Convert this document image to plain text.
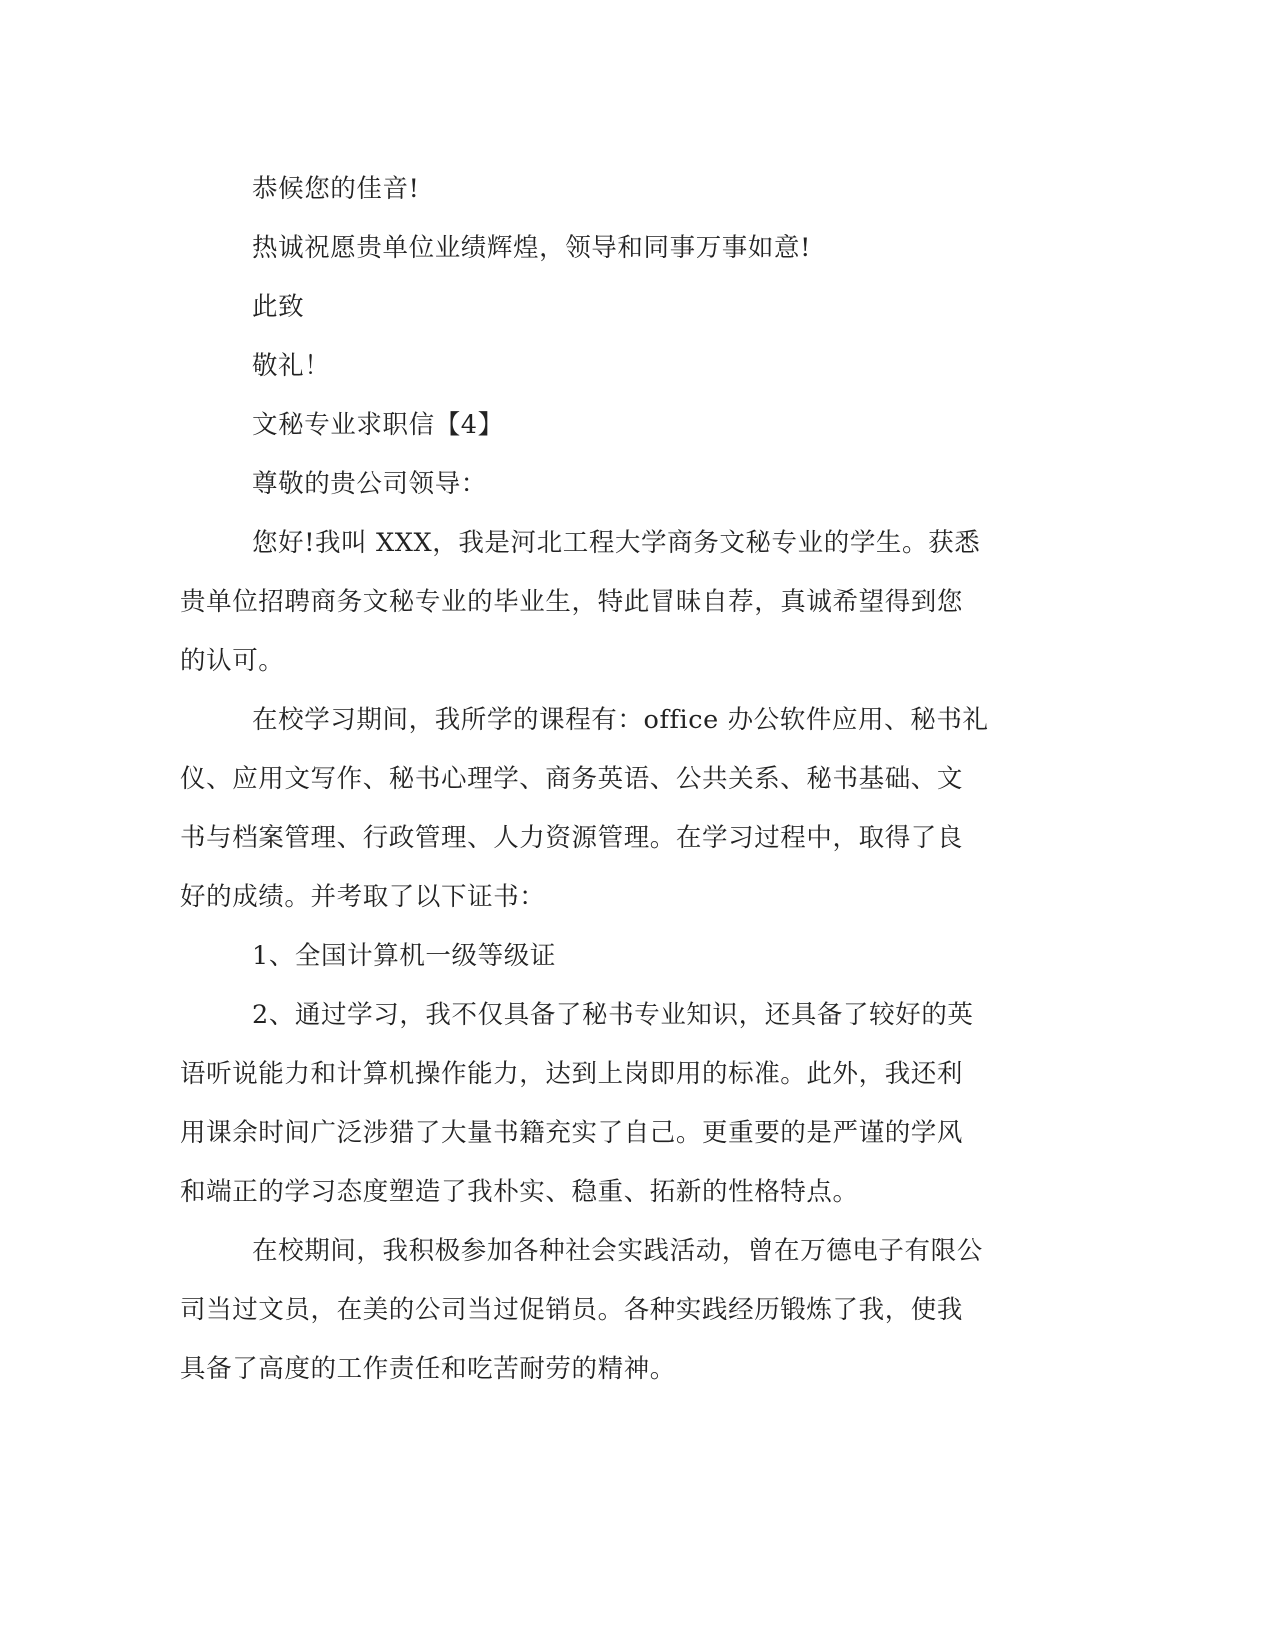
恭候您的佳音!
热诚祝愿贵单位业绩辉煌，领导和同事万事如意!
此致
敬礼！
文秘专业求职信【4】
尊敬的贵公司领导：
您好!我叫 XXX，我是河北工程大学商务文秘专业的学生。获悉
贵单位招聘商务文秘专业的毕业生，特此冒昧自荐，真诚希望得到您
的认可。
在校学习期间，我所学的课程有：office 办公软件应用、秘书礼
仪、应用文写作、秘书心理学、商务英语、公共关系、秘书基础、文
书与档案管理、行政管理、人力资源管理。在学习过程中，取得了良
好的成绩。并考取了以下证书：
1、全国计算机一级等级证
2、通过学习，我不仅具备了秘书专业知识，还具备了较好的英
语听说能力和计算机操作能力，达到上岗即用的标准。此外，我还利
用课余时间广泛涉猎了大量书籍充实了自己。更重要的是严谨的学风
和端正的学习态度塑造了我朴实、稳重、拓新的性格特点。
在校期间，我积极参加各种社会实践活动，曾在万德电子有限公
司当过文员，在美的公司当过促销员。各种实践经历锻炼了我，使我
具备了高度的工作责任和吃苦耐劳的精神。
